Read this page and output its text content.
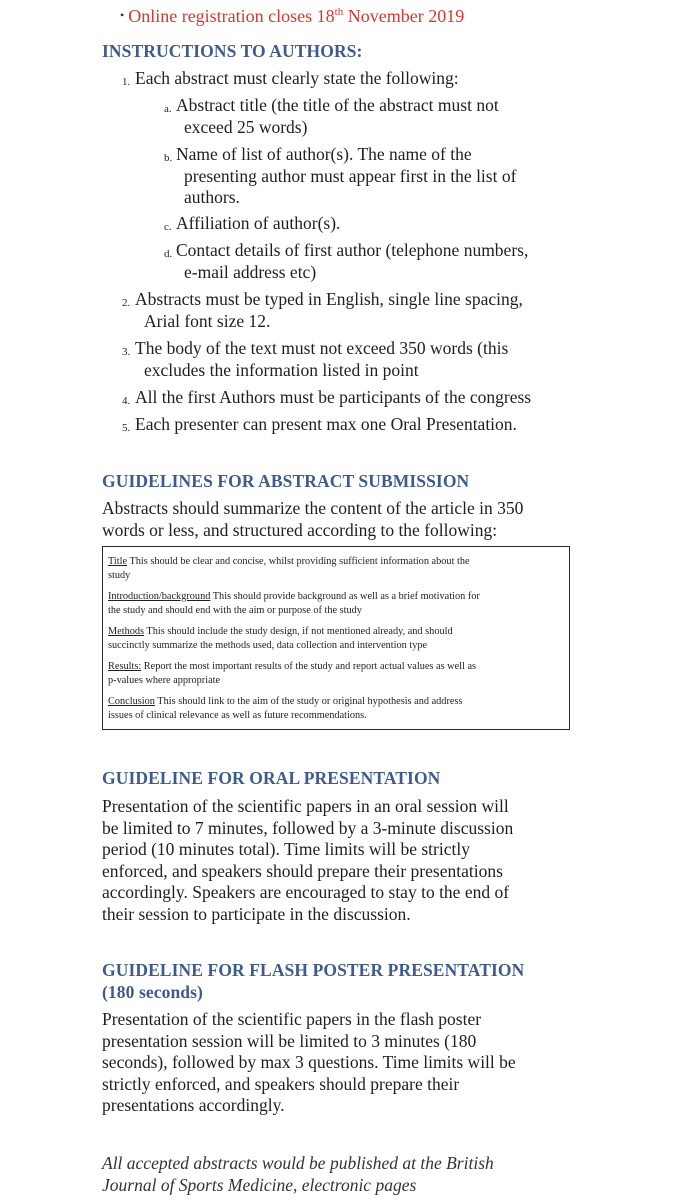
• Online registration closes 18th November 2019
INSTRUCTIONS TO AUTHORS:
1. Each abstract must clearly state the following:
a. Abstract title (the title of the abstract must not
exceed 25 words)
b. Name of list of author(s). The name of the
presenting author must appear first in the list of
authors.
c. Affiliation of author(s).
d. Contact details of first author (telephone numbers,
e-mail address etc)
2. Abstracts must be typed in English, single line spacing,
Arial font size 12.
3. The body of the text must not exceed 350 words (this
excludes the information listed in point
4. All the first Authors must be participants of the congress
5. Each presenter can present max one Oral Presentation.
GUIDELINES FOR ABSTRACT SUBMISSION

Abstracts should summarize the content of the article in 350

words or less, and structured according to the following:

Title This should be clear and concise, whilst providing sufficient information about the
study
Introduction/background This should provide background as well as a brief motivation for
the study and should end with the aim or purpose of the study
Methods This should include the study design, if not mentioned already, and should
succinctly summarize the methods used, data collection and intervention type
Results: Report the most important results of the study and report actual values as well as
p-values where appropriate
Conclusion This should link to the aim of the study or original hypothesis and address
issues of clinical relevance as well as future recommendations.
GUIDELINE FOR ORAL PRESENTATION

Presentation of the scientific papers in an oral session will

be limited to 7 minutes, followed by a 3-minute discussion

period (10 minutes total). Time limits will be strictly

enforced, and speakers should prepare their presentations

accordingly. Speakers are encouraged to stay to the end of

their session to participate in the discussion.

GUIDELINE FOR FLASH POSTER PRESENTATION
(180 seconds)

Presentation of the scientific papers in the flash poster

presentation session will be limited to 3 minutes (180

seconds), followed by max 3 questions. Time limits will be

strictly enforced, and speakers should prepare their

presentations accordingly.

All accepted abstracts would be published at the British

Journal of Sports Medicine, electronic pages
